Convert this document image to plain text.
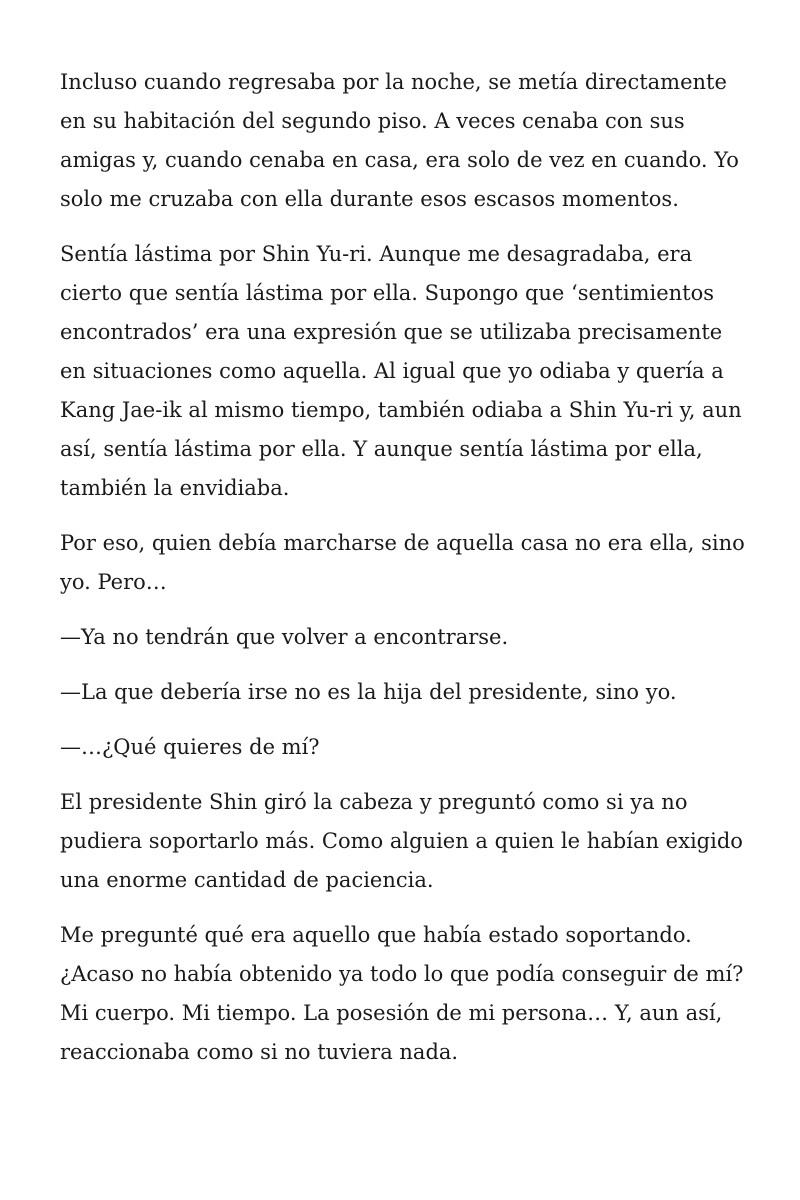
Incluso cuando regresaba por la noche, se metía directamente en su habitación del segundo piso. A veces cenaba con sus amigas y, cuando cenaba en casa, era solo de vez en cuando. Yo solo me cruzaba con ella durante esos escasos momentos.

Sentía lástima por Shin Yu-ri. Aunque me desagradaba, era cierto que sentía lástima por ella. Supongo que ‘sentimientos encontrados’ era una expresión que se utilizaba precisamente en situaciones como aquella. Al igual que yo odiaba y quería a Kang Jae-ik al mismo tiempo, también odiaba a Shin Yu-ri y, aun así, sentía lástima por ella. Y aunque sentía lástima por ella, también la envidiaba.

Por eso, quien debía marcharse de aquella casa no era ella, sino yo. Pero…

—Ya no tendrán que volver a encontrarse.

—La que debería irse no es la hija del presidente, sino yo.

—…¿Qué quieres de mí?

El presidente Shin giró la cabeza y preguntó como si ya no pudiera soportarlo más. Como alguien a quien le habían exigido una enorme cantidad de paciencia.

Me pregunté qué era aquello que había estado soportando. ¿Acaso no había obtenido ya todo lo que podía conseguir de mí? Mi cuerpo. Mi tiempo. La posesión de mi persona… Y, aun así, reaccionaba como si no tuviera nada.
